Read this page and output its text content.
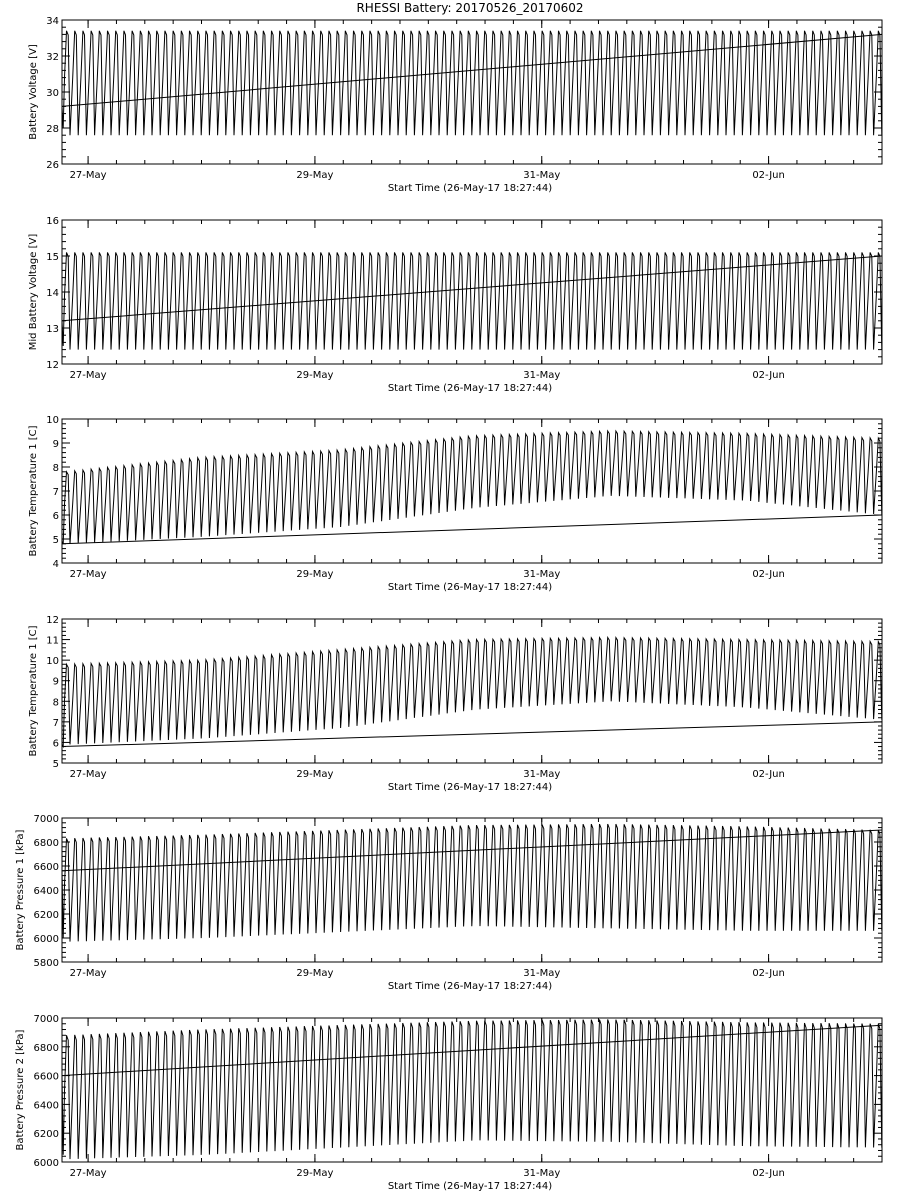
RHESSI Battery: 20170526_20170602
26
28
30
32
34
27-May	29-May	31-May	02-Jun
Start Time (26-May-17 18:27:44)
Battery Voltage [V]
12
13
14
15
16
27-May	29-May	31-May	02-Jun
Start Time (26-May-17 18:27:44)
Mid Battery Voltage [V]
4
5
6
7
8
9
10
27-May	29-May	31-May	02-Jun
Start Time (26-May-17 18:27:44)
Battery Temperature 1 [C]
5
6
7
8
9
10
11
12
27-May	29-May	31-May	02-Jun
Start Time (26-May-17 18:27:44)
Battery Temperature 1 [C]
5800
6000
6200
6400
6600
6800
7000
27-May	29-May	31-May	02-Jun
Start Time (26-May-17 18:27:44)
Battery Pressure 1 [kPa]
6000
6200
6400
6600
6800
7000
27-May	29-May	31-May	02-Jun
Start Time (26-May-17 18:27:44)
Battery Pressure 2 [kPa]
